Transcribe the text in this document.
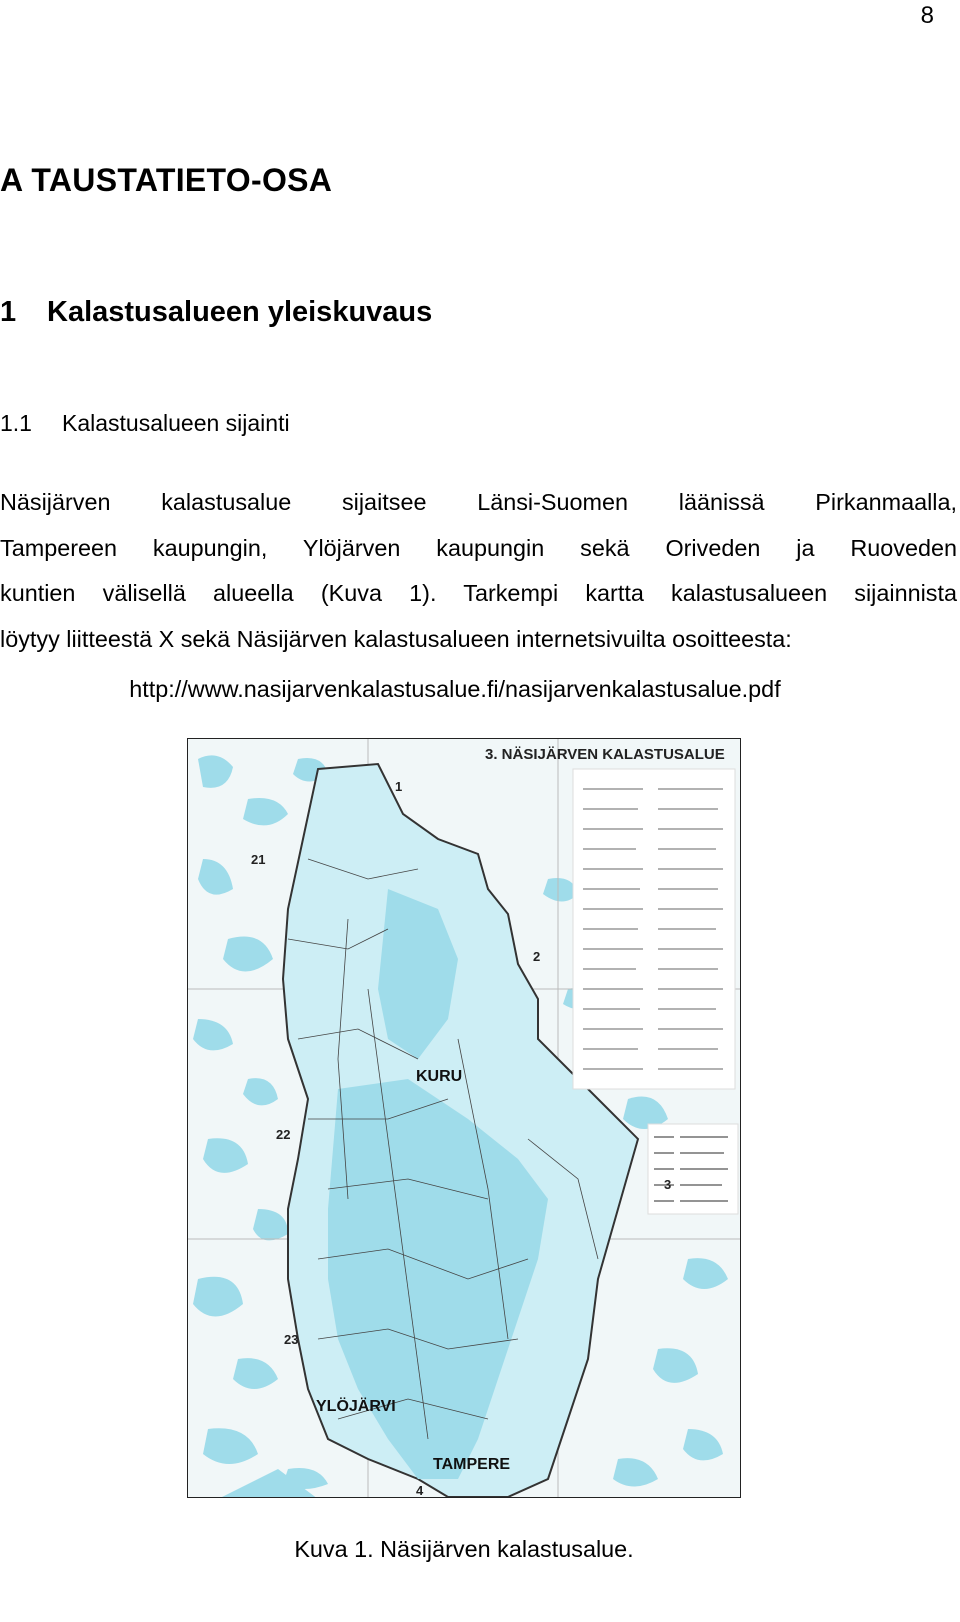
8
A TAUSTATIETO-OSA
1 Kalastusalueen yleiskuvaus
1.1 Kalastusalueen sijainti
Näsijärven kalastusalue sijaitsee Länsi-Suomen läänissä Pirkanmaalla,
Tampereen kaupungin, Ylöjärven kaupungin sekä Oriveden ja Ruoveden
kuntien välisellä alueella (Kuva 1). Tarkempi kartta kalastusalueen sijainnista
löytyy liitteestä X sekä Näsijärven kalastusalueen internetsivuilta osoitteesta:
http://www.nasijarvenkalastusalue.fi/nasijarvenkalastusalue.pdf
3. NÄSIJÄRVEN KALASTUSALUE
KURU
YLÖJÄRVI
TAMPERE
1
2
3
4
21
22
23
Kuva 1. Näsijärven kalastusalue.
